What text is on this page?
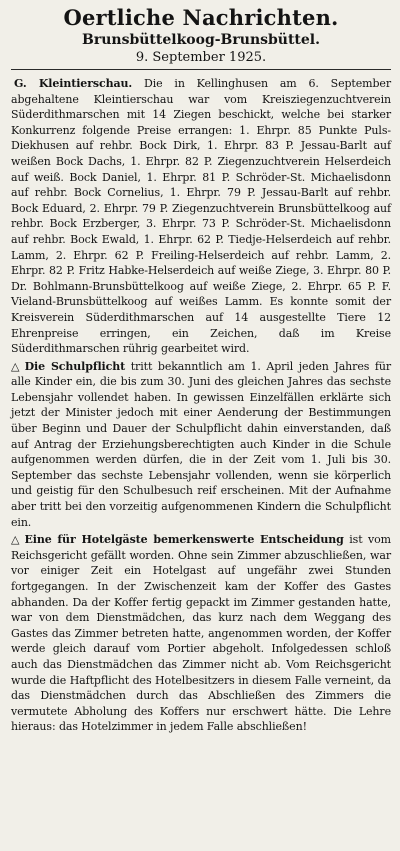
Oertliche Nachrichten.
Brunsbüttelkoog-Brunsbüttel.

9. September 1925.

G. Kleintierschau. Die in Kellinghusen am 6. September abgehaltene Kleintierschau war vom Kreisziegenzuchtverein Süderdithmarschen mit 14 Ziegen beschickt, welche bei starker Konkurrenz folgende Preise errangen: 1. Ehrpr. 85 Punkte Puls-Diekhusen auf rehbr. Bock Dirk, 1. Ehrpr. 83 P. Jessau-Barlt auf weißen Bock Dachs, 1. Ehrpr. 82 P. Ziegenzuchtverein Helserdeich auf weiß. Bock Daniel, 1. Ehrpr. 81 P. Schröder-St. Michaelisdonn auf rehbr. Bock Cornelius, 1. Ehrpr. 79 P. Jessau-Barlt auf rehbr. Bock Eduard, 2. Ehrpr. 79 P. Ziegenzuchtverein Brunsbüttelkoog auf rehbr. Bock Erzberger, 3. Ehrpr. 73 P. Schröder-St. Michaelisdonn auf rehbr. Bock Ewald, 1. Ehrpr. 62 P. Tiedje-Helserdeich auf rehbr. Lamm, 2. Ehrpr. 62 P. Freiling-Helserdeich auf rehbr. Lamm, 2. Ehrpr. 82 P. Fritz Habke-Helserdeich auf weiße Ziege, 3. Ehrpr. 80 P. Dr. Bohlmann-Brunsbüttelkoog auf weiße Ziege, 2. Ehrpr. 65 P. F. Vieland-Brunsbüttelkoog auf weißes Lamm. Es konnte somit der Kreisverein Süderdithmarschen auf 14 ausgestellte Tiere 12 Ehrenpreise erringen, ein Zeichen, daß im Kreise Süderdithmarschen rührig gearbeitet wird.

△ Die Schulpflicht tritt bekanntlich am 1. April jeden Jahres für alle Kinder ein, die bis zum 30. Juni des gleichen Jahres das sechste Lebensjahr vollendet haben. In gewissen Einzelfällen erklärte sich jetzt der Minister jedoch mit einer Aenderung der Bestimmungen über Beginn und Dauer der Schulpflicht dahin einverstanden, daß auf Antrag der Erziehungsberechtigten auch Kinder in die Schule aufgenommen werden dürfen, die in der Zeit vom 1. Juli bis 30. September das sechste Lebensjahr vollenden, wenn sie körperlich und geistig für den Schulbesuch reif erscheinen. Mit der Aufnahme aber tritt bei den vorzeitig aufgenommenen Kindern die Schulpflicht ein.

△ Eine für Hotelgäste bemerkenswerte Entscheidung ist vom Reichsgericht gefällt worden. Ohne sein Zimmer abzuschließen, war vor einiger Zeit ein Hotelgast auf ungefähr zwei Stunden fortgegangen. In der Zwischenzeit kam der Koffer des Gastes abhanden. Da der Koffer fertig gepackt im Zimmer gestanden hatte, war von dem Dienstmädchen, das kurz nach dem Weggang des Gastes das Zimmer betreten hatte, angenommen worden, der Koffer werde gleich darauf vom Portier abgeholt. Infolgedessen schloß auch das Dienstmädchen das Zimmer nicht ab. Vom Reichsgericht wurde die Haftpflicht des Hotelbesitzers in diesem Falle verneint, da das Dienstmädchen durch das Abschließen des Zimmers die vermutete Abholung des Koffers nur erschwert hätte. Die Lehre hieraus: das Hotelzimmer in jedem Falle abschließen!
